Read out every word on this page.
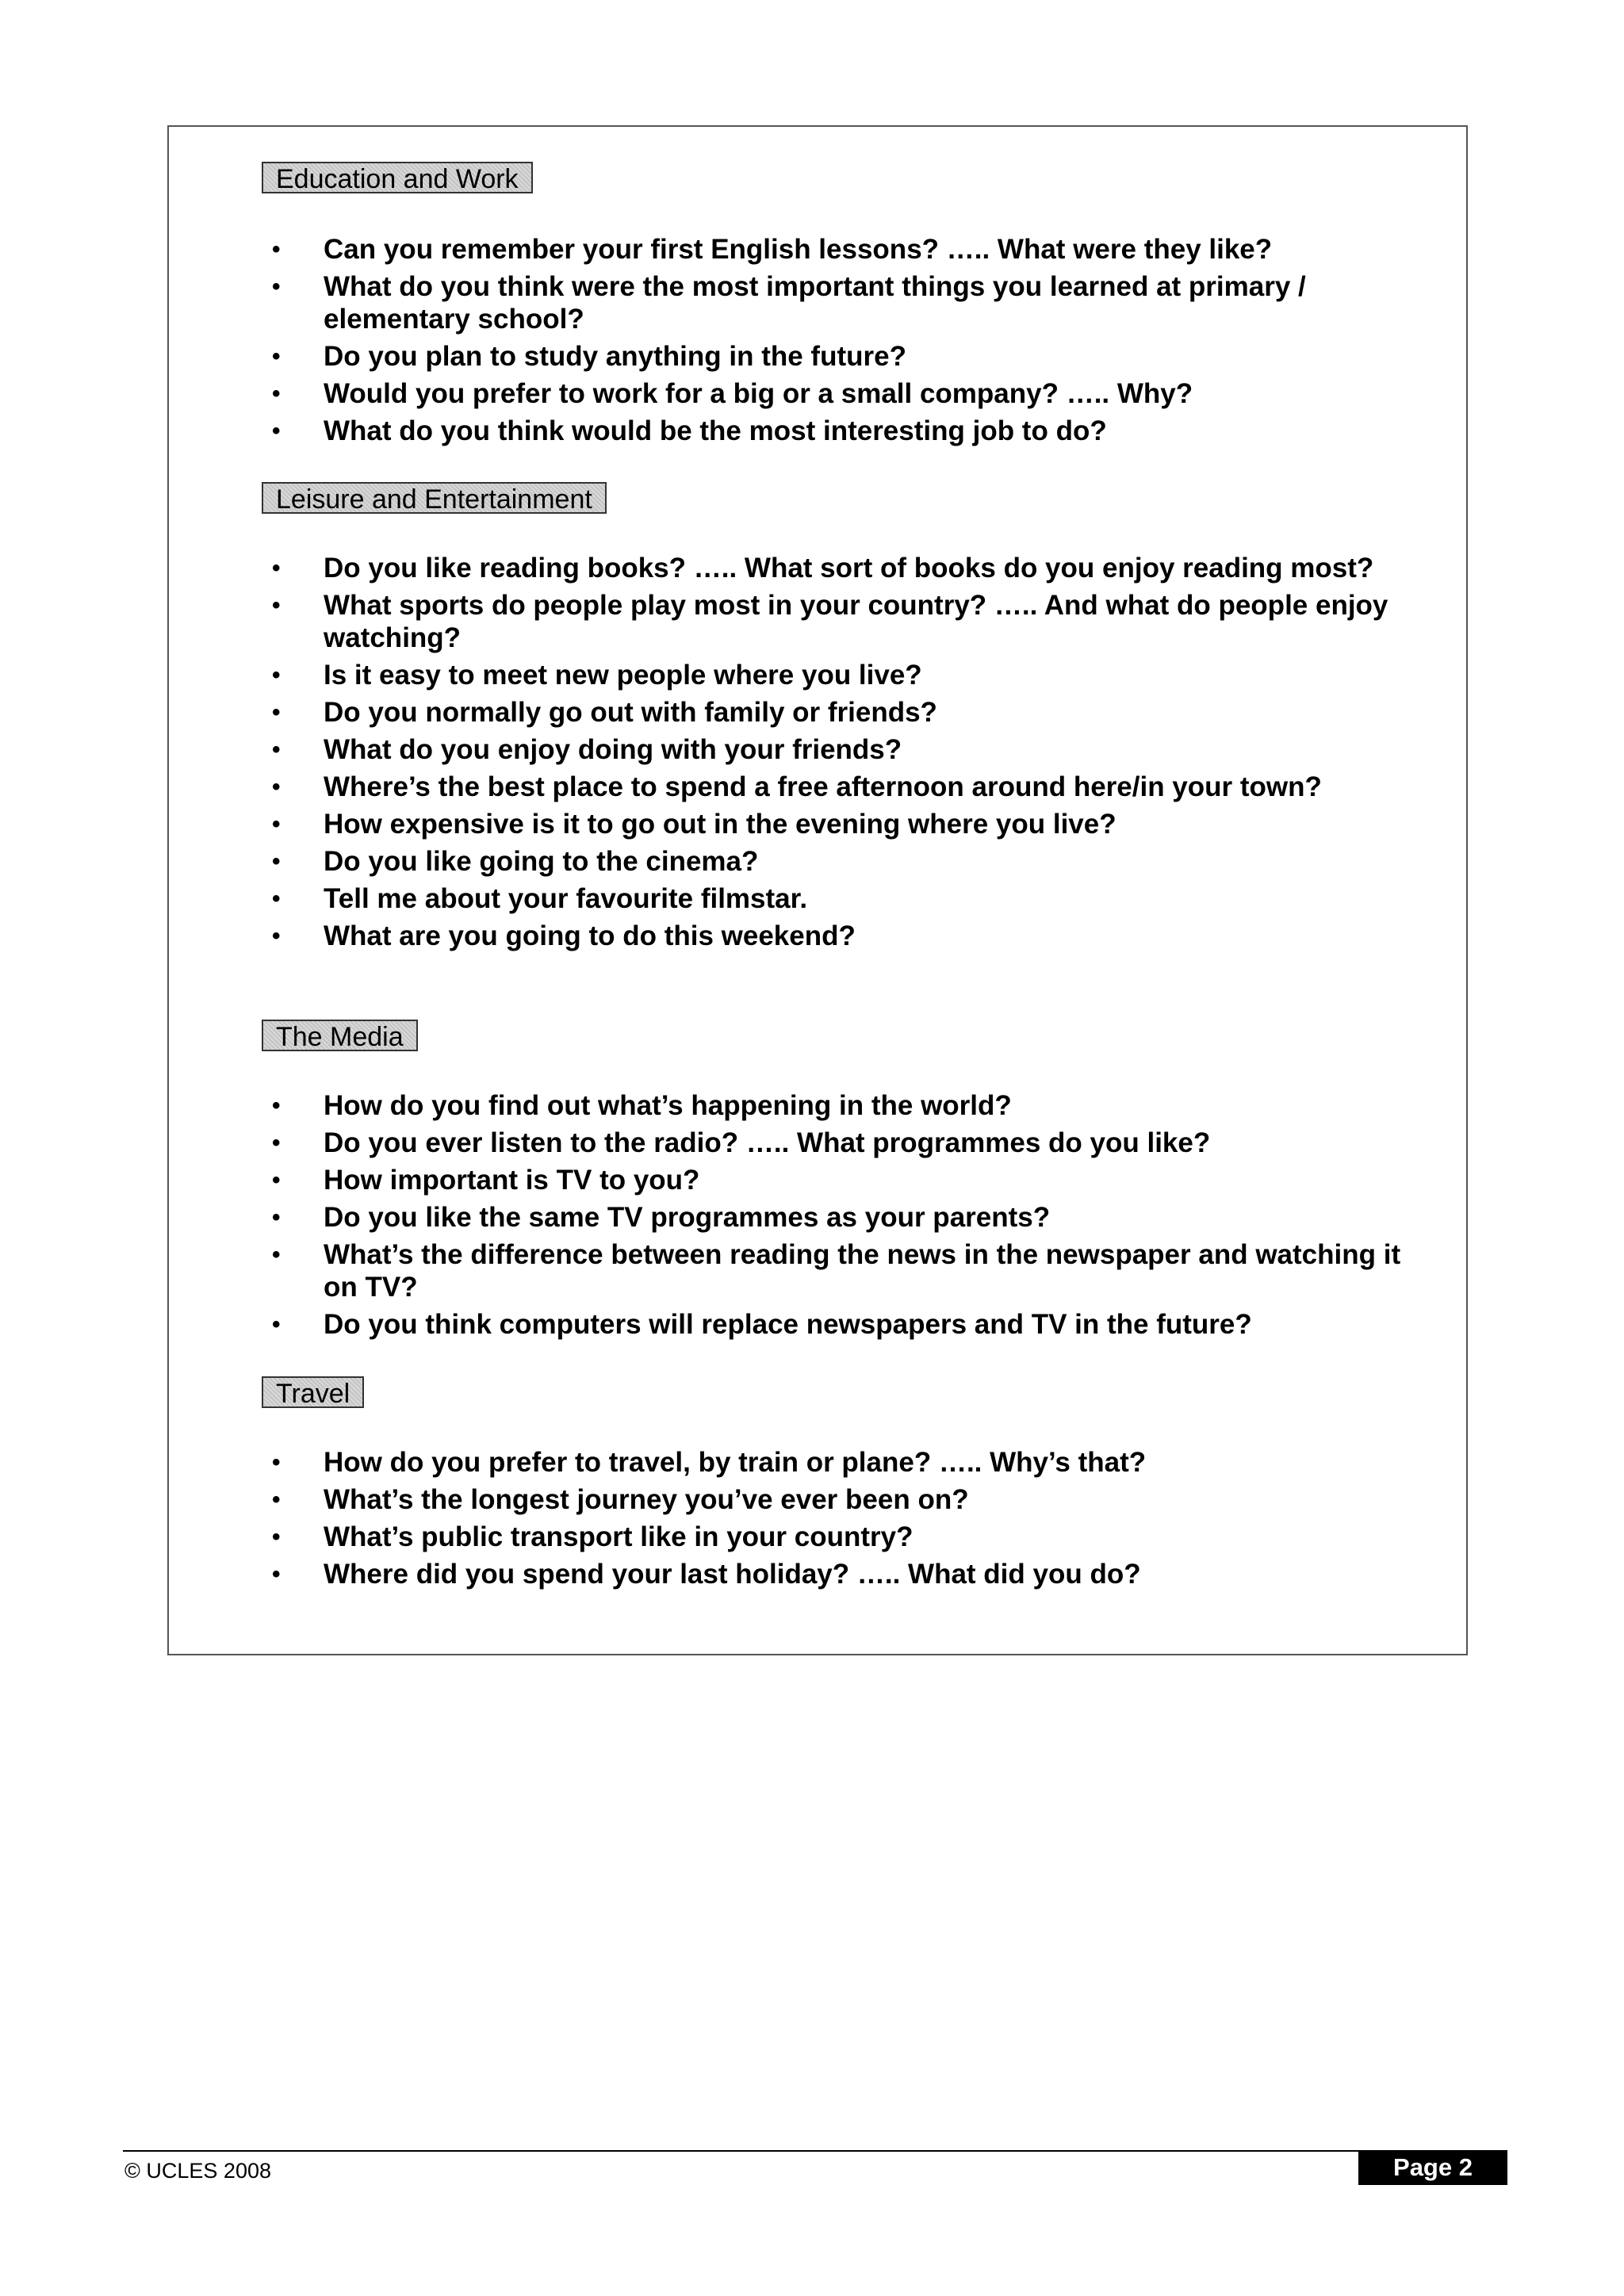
Education and Work
• Can you remember your first English lessons? ….. What were they like?
• What do you think were the most important things you learned at primary / elementary school?
• Do you plan to study anything in the future?
• Would you prefer to work for a big or a small company? ….. Why?
• What do you think would be the most interesting job to do?
Leisure and Entertainment
• Do you like reading books? ….. What sort of books do you enjoy reading most?
• What sports do people play most in your country? ….. And what do people enjoy watching?
• Is it easy to meet new people where you live?
• Do you normally go out with family or friends?
• What do you enjoy doing with your friends?
• Where’s the best place to spend a free afternoon around here/in your town?
• How expensive is it to go out in the evening where you live?
• Do you like going to the cinema?
• Tell me about your favourite filmstar.
• What are you going to do this weekend?
The Media
• How do you find out what’s happening in the world?
• Do you ever listen to the radio? ….. What programmes do you like?
• How important is TV to you?
• Do you like the same TV programmes as your parents?
• What’s the difference between reading the news in the newspaper and watching it on TV?
• Do you think computers will replace newspapers and TV in the future?
Travel
• How do you prefer to travel, by train or plane? ….. Why’s that?
• What’s the longest journey you’ve ever been on?
• What’s public transport like in your country?
• Where did you spend your last holiday? ….. What did you do?
© UCLES 2008	Page 2
